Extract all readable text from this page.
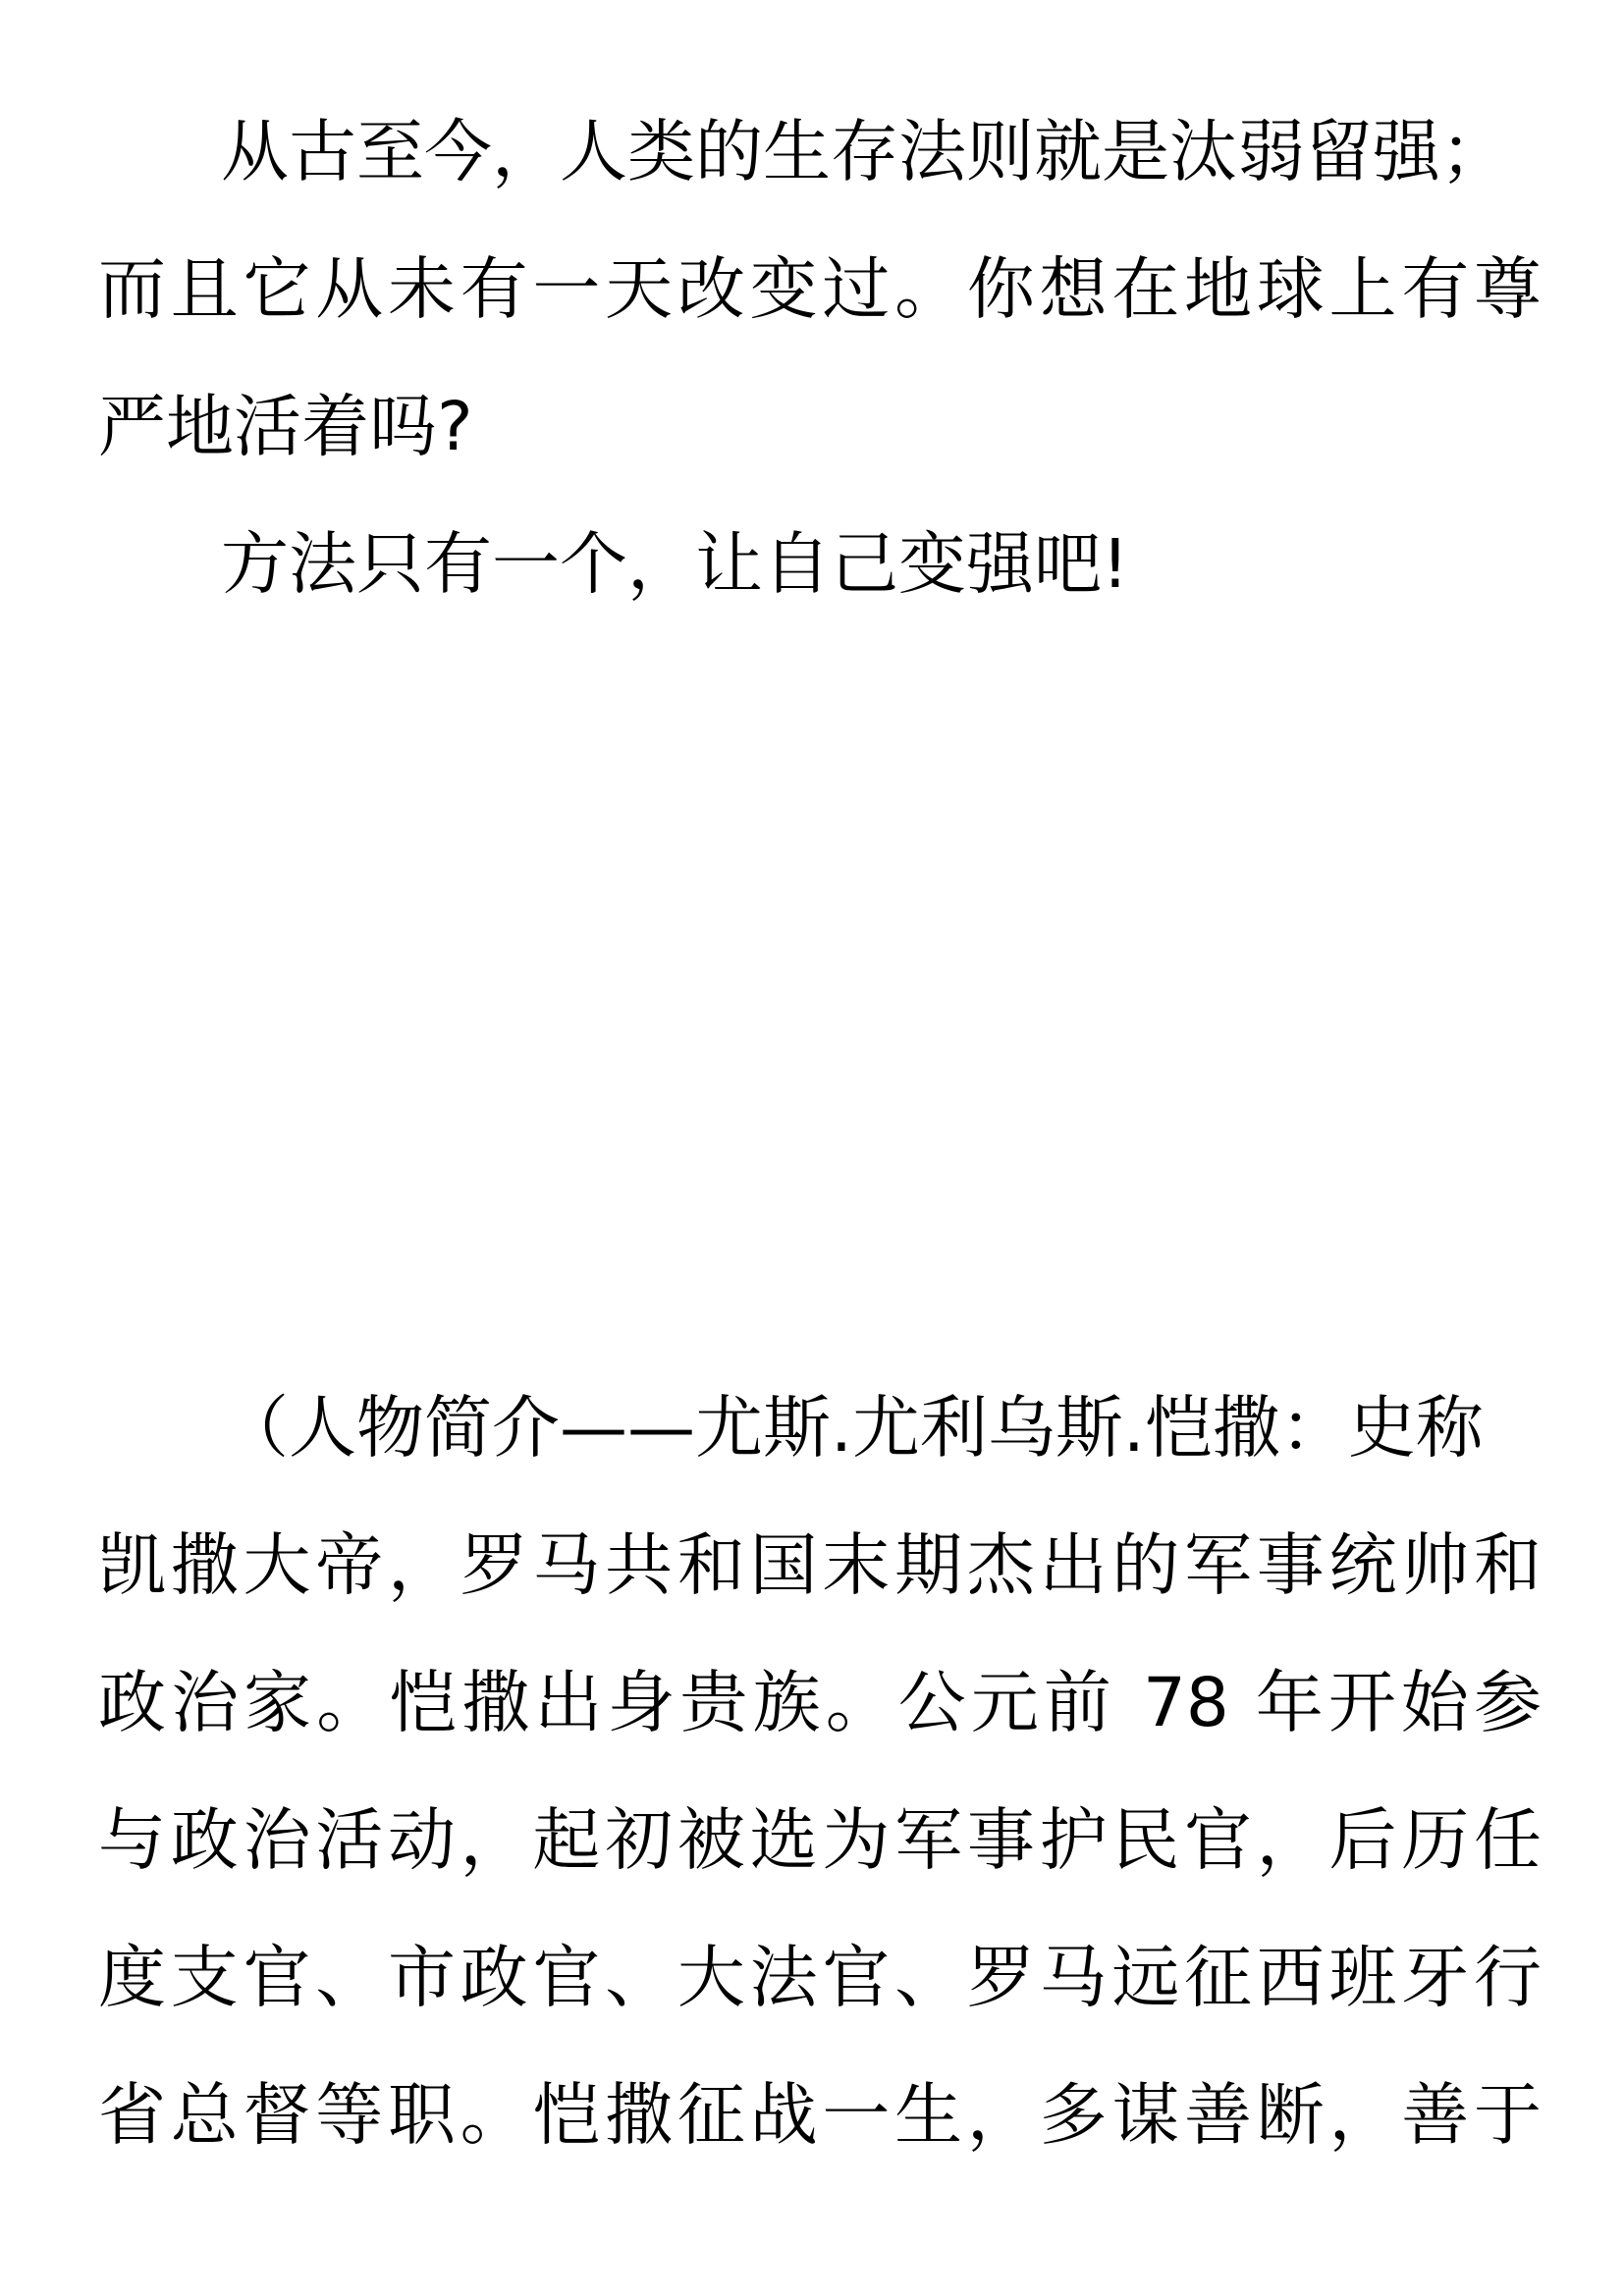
从古至今，人类的生存法则就是汰弱留强；
而且它从未有一天改变过。你想在地球上有尊
严地活着吗?
方法只有一个，让自己变强吧!
（人物简介——尤斯.尤利乌斯.恺撒：史称
凯撒大帝，罗马共和国末期杰出的军事统帅和
政治家。恺撒出身贵族。公元前 78 年开始参
与政治活动，起初被选为军事护民官，后历任
度支官、市政官、大法官、罗马远征西班牙行
省总督等职。恺撒征战一生，多谋善断，善于
